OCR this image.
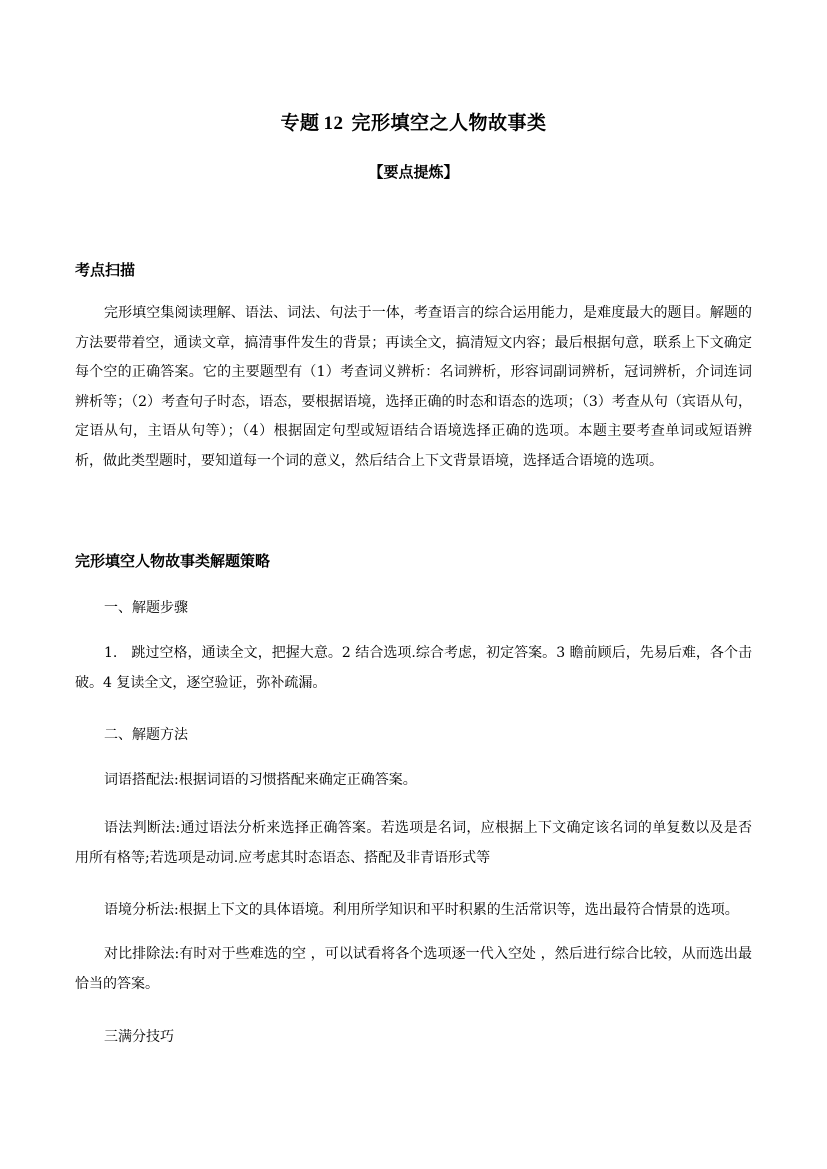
专题 12 完形填空之人物故事类
【要点提炼】
考点扫描
完形填空集阅读理解、语法、词法、句法于一体，考查语言的综合运用能力，是难度最大的题目。解题的方法要带着空，通读文章，搞清事件发生的背景；再读全文，搞清短文内容；最后根据句意，联系上下文确定每个空的正确答案。它的主要题型有（1）考查词义辨析：名词辨析，形容词副词辨析，冠词辨析，介词连词辨析等；（2）考查句子时态，语态，要根据语境，选择正确的时态和语态的选项；（3）考查从句（宾语从句，定语从句，主语从句等）；（4）根据固定句型或短语结合语境选择正确的选项。本题主要考查单词或短语辨析，做此类型题时，要知道每一个词的意义，然后结合上下文背景语境，选择适合语境的选项。
完形填空人物故事类解题策略
一、解题步骤
1.　跳过空格，通读全文，把握大意。2 结合选项.综合考虑，初定答案。3 瞻前顾后，先易后难，各个击破。4 复读全文，逐空验证，弥补疏漏。
二、解题方法
词语搭配法:根据词语的习惯搭配来确定正确答案。
语法判断法:通过语法分析来选择正确答案。若选项是名词，应根据上下文确定该名词的单复数以及是否用所有格等;若选项是动词.应考虑其时态语态、搭配及非青语形式等
语境分析法:根据上下文的具体语境。利用所学知识和平时积累的生活常识等，选出最符合情景的选项。
对比排除法:有时对于些难选的空 ，可以试看将各个选项逐一代入空处 ，然后进行综合比较，从而选出最恰当的答案。
三满分技巧
